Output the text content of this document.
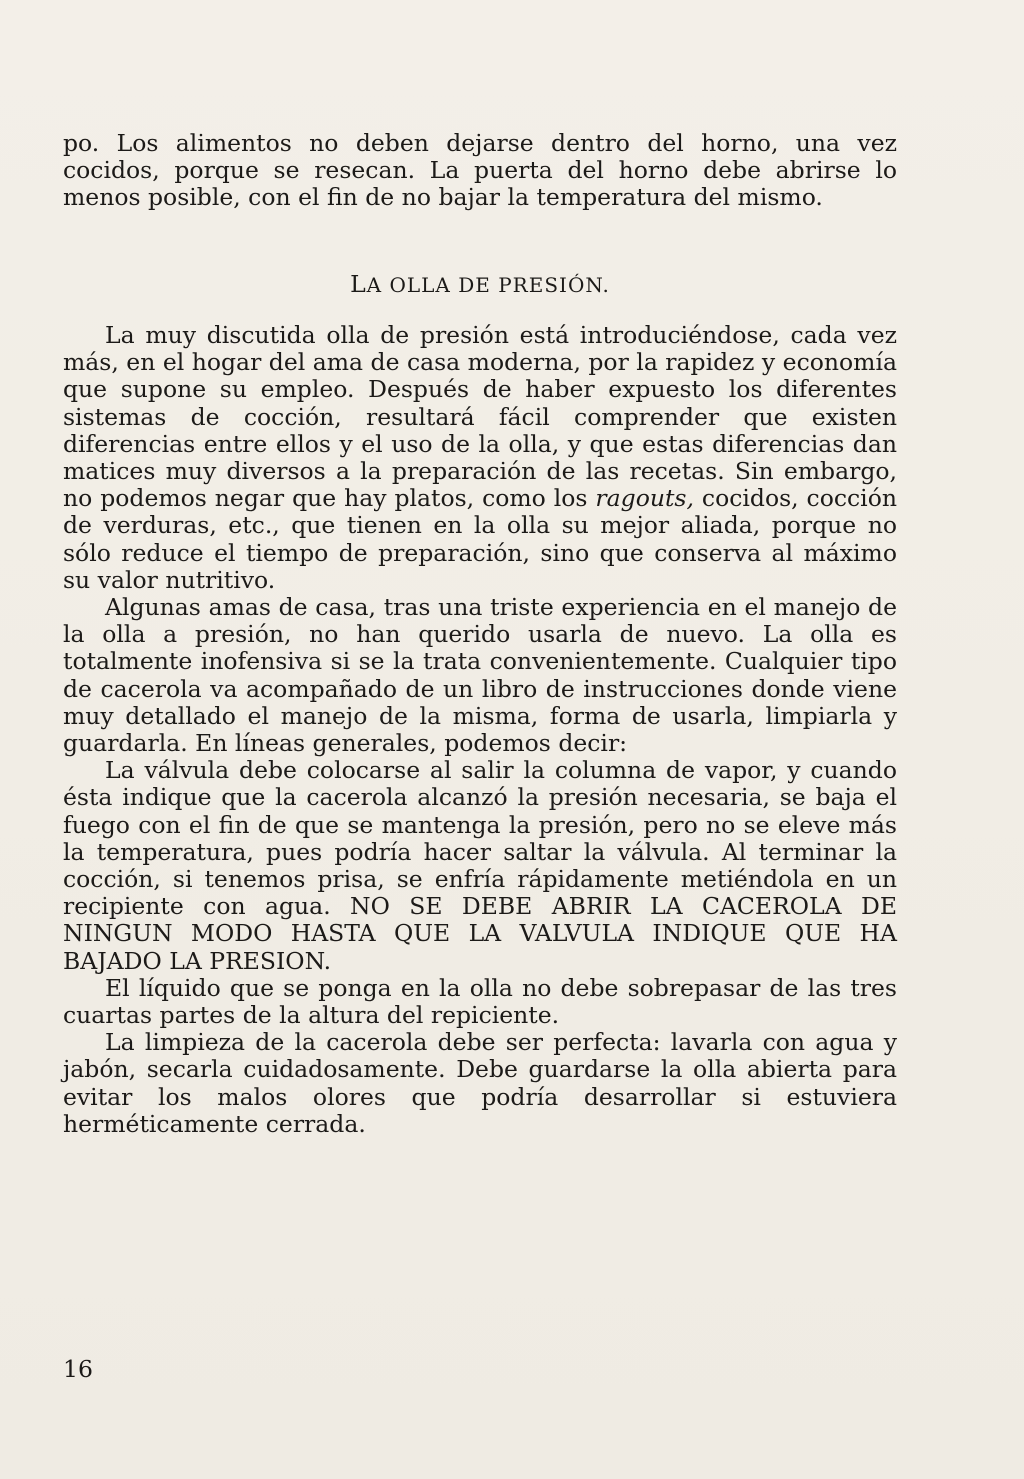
po. Los alimentos no deben dejarse dentro del horno, una vez cocidos, porque se resecan. La puerta del horno debe abrirse lo menos posible, con el fin de no bajar la temperatura del mismo.

LA OLLA DE PRESIÓN.

La muy discutida olla de presión está introduciéndose, cada vez más, en el hogar del ama de casa moderna, por la rapidez y economía que supone su empleo. Después de haber expuesto los diferentes sistemas de cocción, resultará fácil comprender que existen diferencias entre ellos y el uso de la olla, y que estas diferencias dan matices muy diversos a la preparación de las recetas. Sin embargo, no podemos negar que hay platos, como los ragouts, cocidos, cocción de verduras, etc., que tienen en la olla su mejor aliada, porque no sólo reduce el tiempo de preparación, sino que conserva al máximo su valor nutritivo.

Algunas amas de casa, tras una triste experiencia en el manejo de la olla a presión, no han querido usarla de nuevo. La olla es totalmente inofensiva si se la trata convenientemente. Cualquier tipo de cacerola va acompañado de un libro de instrucciones donde viene muy detallado el manejo de la misma, forma de usarla, limpiarla y guardarla. En líneas generales, podemos decir:

La válvula debe colocarse al salir la columna de vapor, y cuando ésta indique que la cacerola alcanzó la presión necesaria, se baja el fuego con el fin de que se mantenga la presión, pero no se eleve más la temperatura, pues podría hacer saltar la válvula. Al terminar la cocción, si tenemos prisa, se enfría rápidamente metiéndola en un recipiente con agua. NO SE DEBE ABRIR LA CACEROLA DE NINGUN MODO HASTA QUE LA VALVULA INDIQUE QUE HA BAJADO LA PRESION.

El líquido que se ponga en la olla no debe sobrepasar de las tres cuartas partes de la altura del repiciente.

La limpieza de la cacerola debe ser perfecta: lavarla con agua y jabón, secarla cuidadosamente. Debe guardarse la olla abierta para evitar los malos olores que podría desarrollar si estuviera herméticamente cerrada.

16
